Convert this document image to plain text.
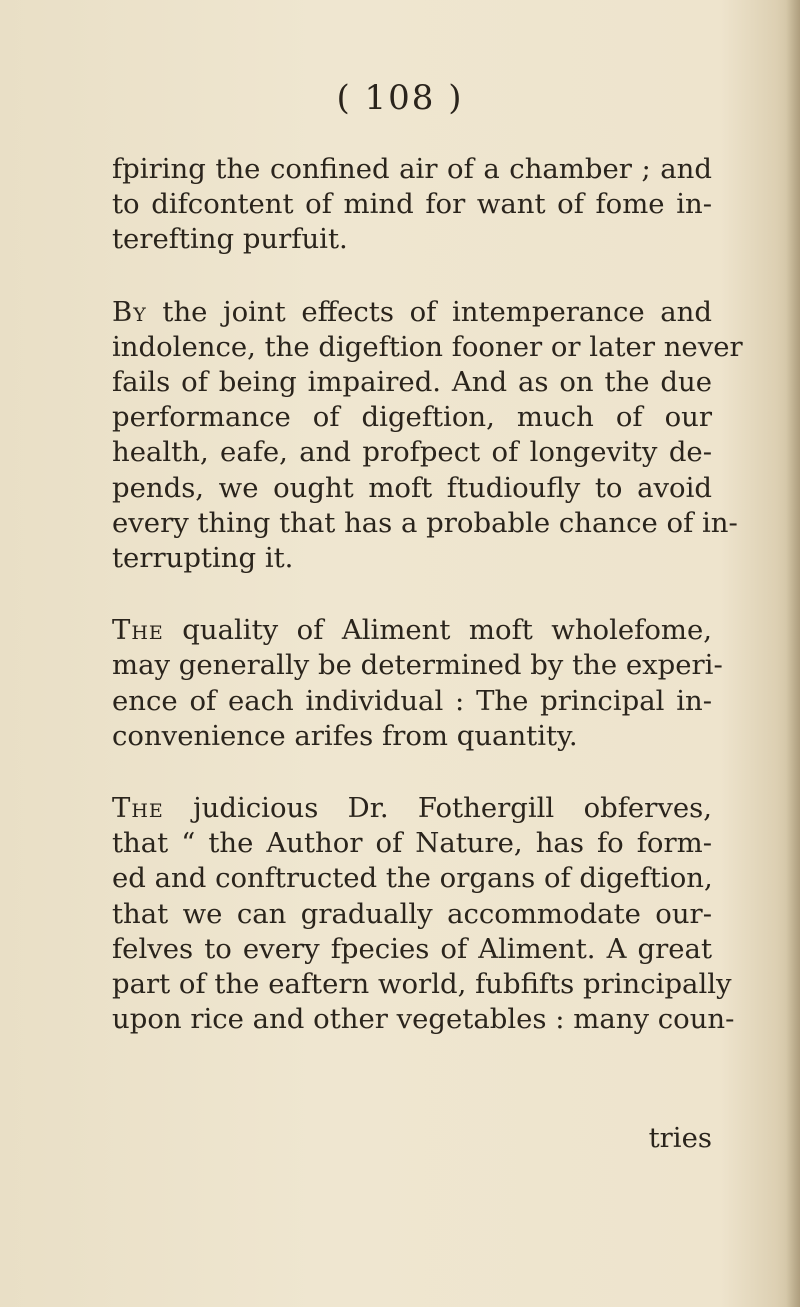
( 108 )
fpiring the confined air of a chamber ; and
to difcontent of mind for want of fome in-
terefting purfuit.
By the joint effects of intemperance and
indolence, the digeftion fooner or later never
fails of being impaired. And as on the due
performance of digeftion, much of our
health, eafe, and profpect of longevity de-
pends, we ought moft ftudioufly to avoid
every thing that has a probable chance of in-
terrupting it.
The quality of Aliment moft wholefome,
may generally be determined by the experi-
ence of each individual : The principal in-
convenience arifes from quantity.
The judicious Dr. Fothergill obferves,
that “ the Author of Nature, has fo form-
ed and conftructed the organs of digeftion,
that we can gradually accommodate our-
felves to every fpecies of Aliment. A great
part of the eaftern world, fubfifts principally
upon rice and other vegetables : many coun-
tries
